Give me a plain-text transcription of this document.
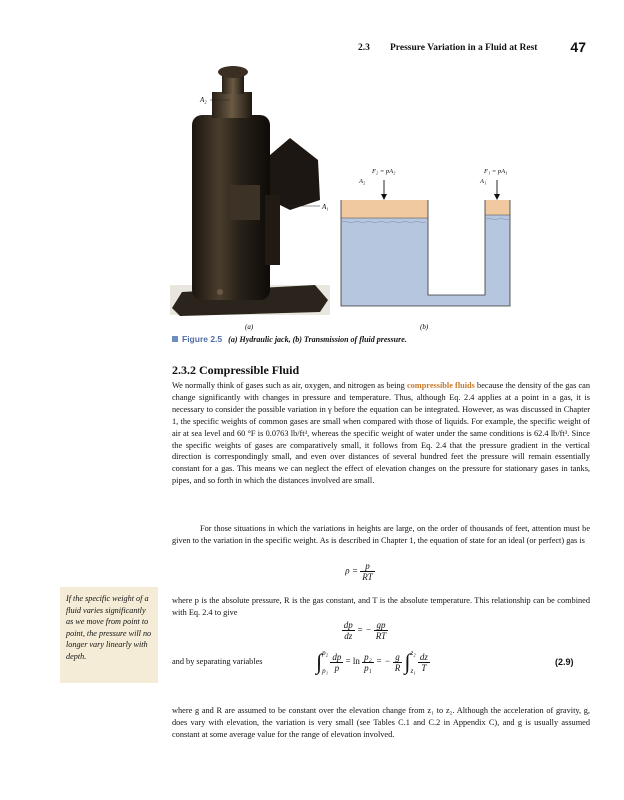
2.3 Pressure Variation in a Fluid at Rest 47
A₂
A₁
F₂ = pA₂
A₂
F₁ = pA₁
A₁
(a)	(b)
Figure 2.5 (a) Hydraulic jack, (b) Transmission of fluid pressure.
2.3.2 Compressible Fluid
We normally think of gases such as air, oxygen, and nitrogen as being compressible fluids because the density of the gas can change significantly with changes in pressure and temperature. Thus, although Eq. 2.4 applies at a point in a gas, it is necessary to consider the possible variation in γ before the equation can be integrated. However, as was discussed in Chapter 1, the specific weights of common gases are small when compared with those of liquids. For example, the specific weight of air at sea level and 60 °F is 0.0763 lb/ft³, whereas the specific weight of water under the same conditions is 62.4 lb/ft³. Since the specific weights of gases are comparatively small, it follows from Eq. 2.4 that the pressure gradient in the vertical direction is correspondingly small, and even over distances of several hundred feet the pressure will remain essentially constant for a gas. This means we can neglect the effect of elevation changes on the pressure for stationary gases in tanks, pipes, and so forth in which the distances involved are small.
For those situations in which the variations in heights are large, on the order of thousands of feet, attention must be given to the variation in the specific weight. As is described in Chapter 1, the equation of state for an ideal (or perfect) gas is
$\rho = \frac{p}{RT}$
If the specific weight of a fluid varies significantly as we move from point to point, the pressure will no longer vary linearly with depth.
where p is the absolute pressure, R is the gas constant, and T is the absolute temperature. This relationship can be combined with Eq. 2.4 to give
$\frac{dp}{dz}$ = − $\frac{gp}{RT}$
and by separating variables	∫ p₂
p₁
$\frac{dp}{p} = \ln \frac{\text{p₂}}{\text{p₁}}$ = − $\frac{g}{R}$ ∫ z₂
z₁
$\frac{dz}{T}$	(2.9)
where g and R are assumed to be constant over the elevation change from z₁ to z₂. Although the acceleration of gravity, g, does vary with elevation, the variation is very small (see Tables C.1 and C.2 in Appendix C), and g is usually assumed constant at some average value for the range of elevation involved.
